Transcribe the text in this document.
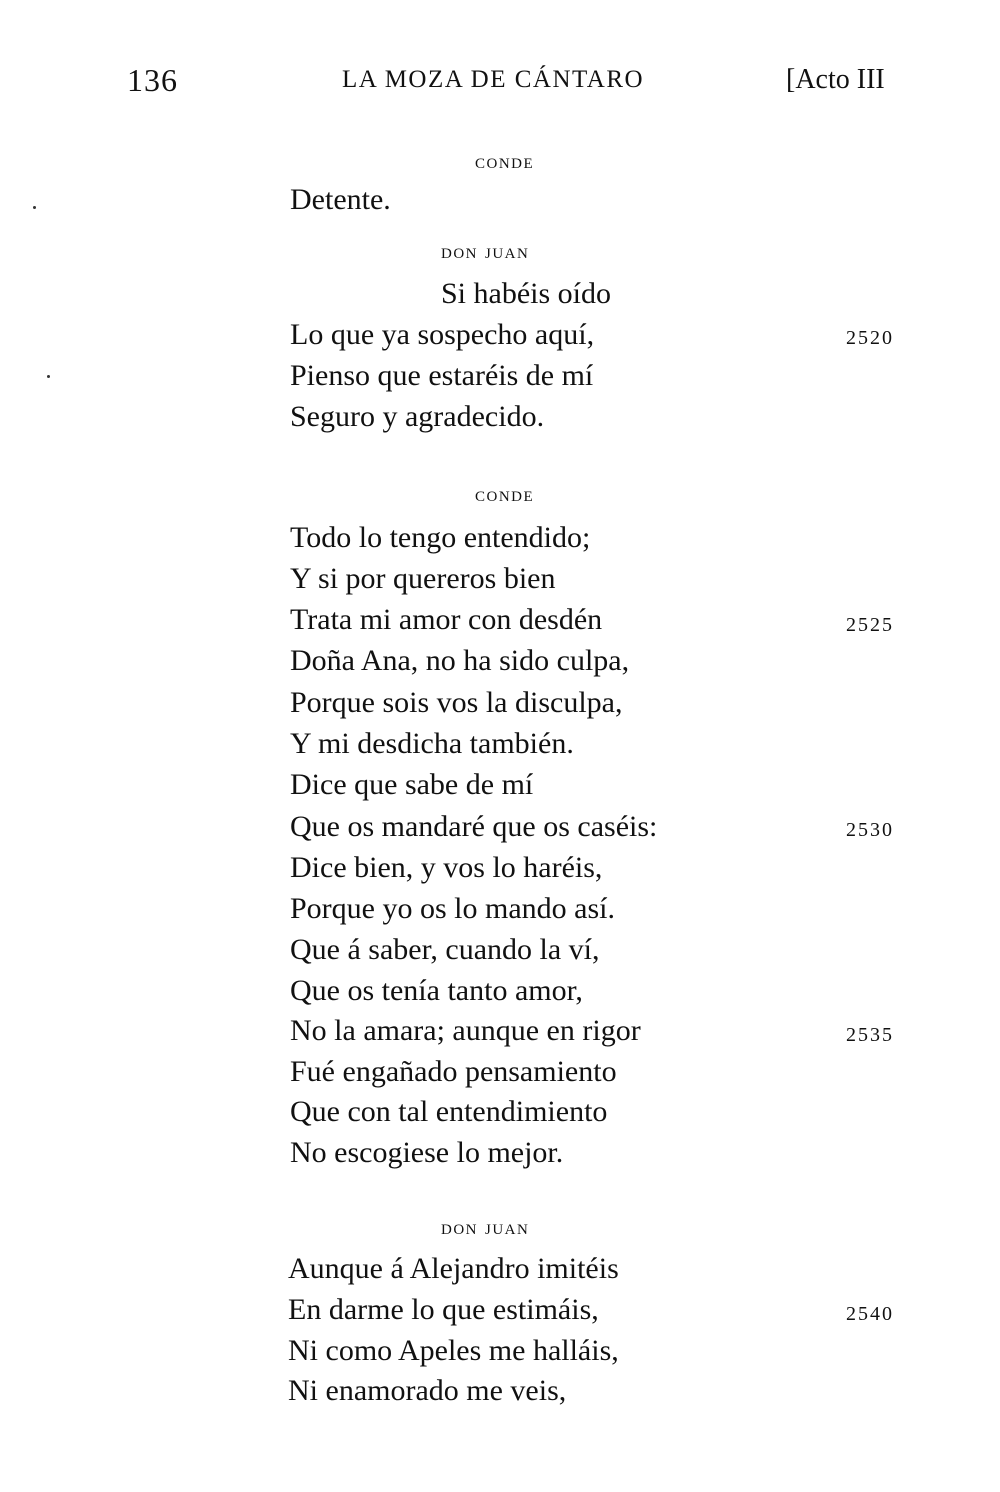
136	LA MOZA DE CÁNTARO	[Acto III
conde
Detente.
don juan
Si habéis oído
Lo que ya sospecho aquí,	2520
Pienso que estaréis de mí
Seguro y agradecido.
conde
Todo lo tengo entendido;
Y si por quereros bien
Trata mi amor con desdén	2525
Doña Ana, no ha sido culpa,
Porque sois vos la disculpa,
Y mi desdicha también.
Dice que sabe de mí
Que os mandaré que os caséis:	2530
Dice bien, y vos lo haréis,
Porque yo os lo mando así.
Que á saber, cuando la ví,
Que os tenía tanto amor,
No la amara; aunque en rigor	2535
Fué engañado pensamiento
Que con tal entendimiento
No escogiese lo mejor.
don juan
Aunque á Alejandro imitéis
En darme lo que estimáis,	2540
Ni como Apeles me halláis,
Ni enamorado me veis,
